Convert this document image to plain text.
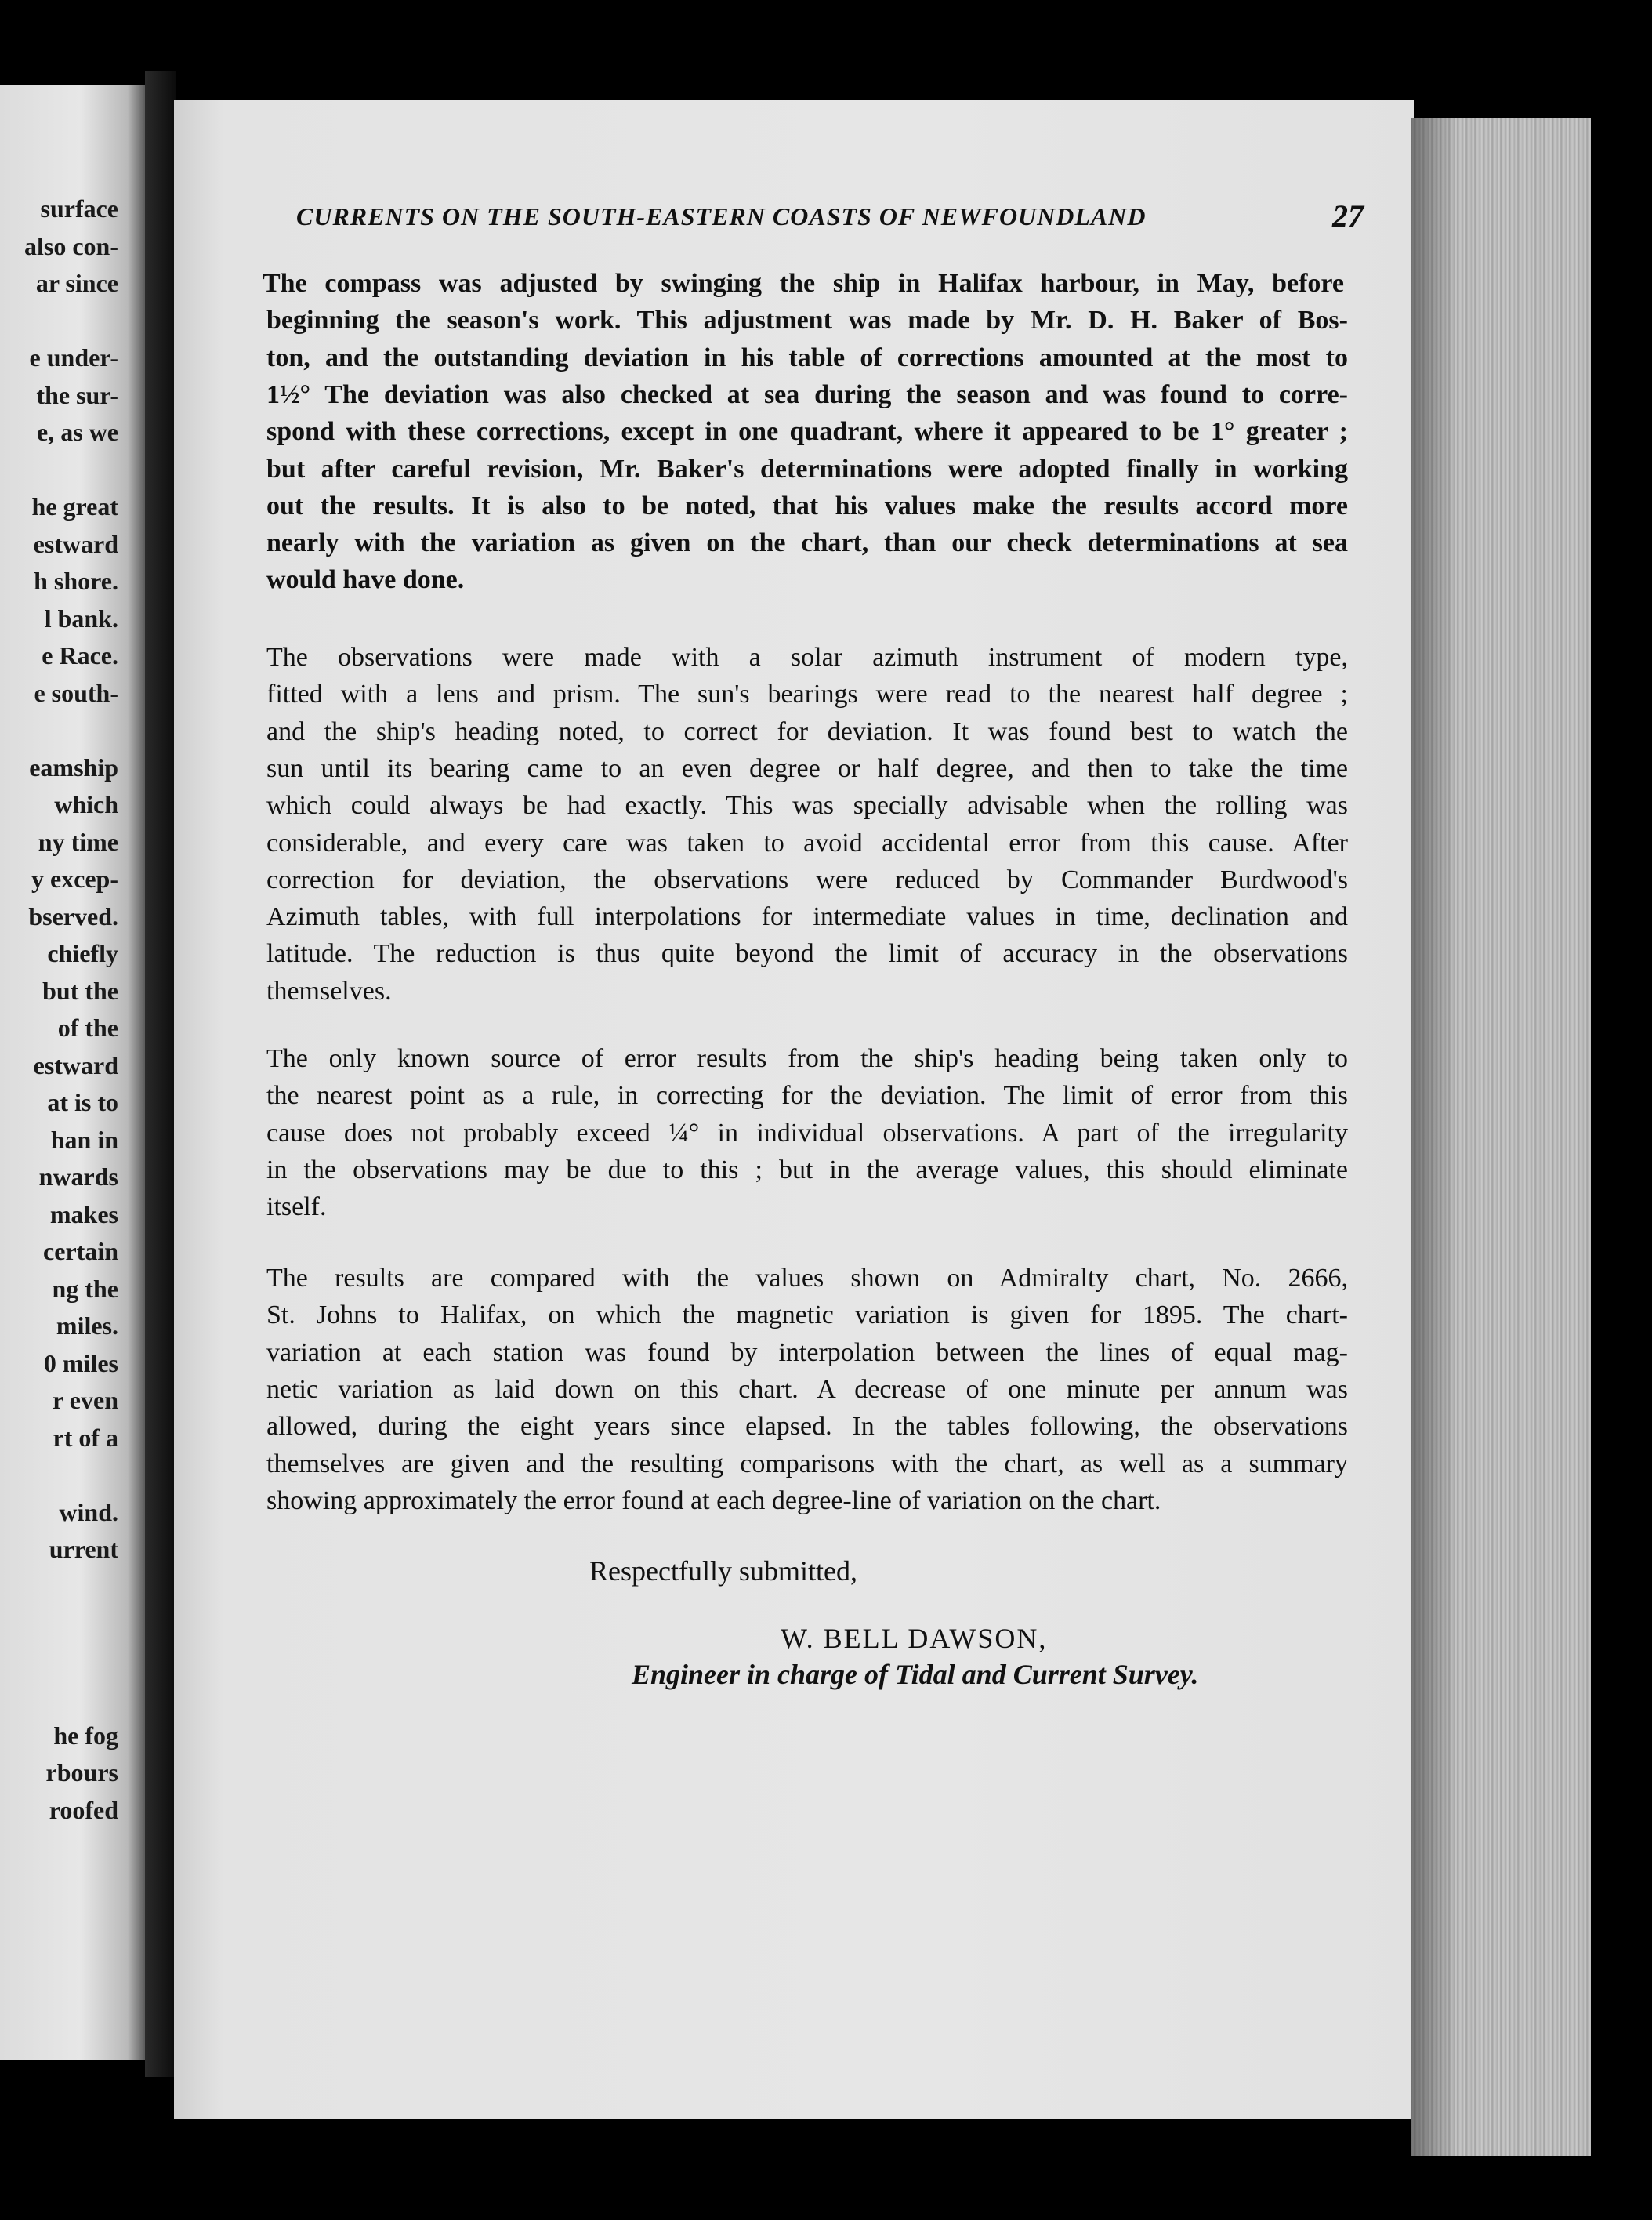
surface
also con-
ar since
e under-
the sur-
e, as we
he great
estward
h shore.
l bank.
e Race.
e south-
eamship
which
ny time
y excep-
bserved.
chiefly
but the
of the
estward
at is to
han in
nwards
makes
certain
ng the
miles.
0 miles
r even
rt of a
wind.
urrent
he fog
rbours
roofed
CURRENTS ON THE SOUTH-EASTERN COASTS OF NEWFOUNDLAND	27
The compass was adjusted by swinging the ship in Halifax harbour, in May, before
beginning the season's work. This adjustment was made by Mr. D. H. Baker of Bos-
ton, and the outstanding deviation in his table of corrections amounted at the most to
1½° The deviation was also checked at sea during the season and was found to corre-
spond with these corrections, except in one quadrant, where it appeared to be 1° greater ;
but after careful revision, Mr. Baker's determinations were adopted finally in working
out the results. It is also to be noted, that his values make the results accord more
nearly with the variation as given on the chart, than our check determinations at sea
would have done.
The observations were made with a solar azimuth instrument of modern type,
fitted with a lens and prism. The sun's bearings were read to the nearest half degree ;
and the ship's heading noted, to correct for deviation. It was found best to watch the
sun until its bearing came to an even degree or half degree, and then to take the time
which could always be had exactly. This was specially advisable when the rolling was
considerable, and every care was taken to avoid accidental error from this cause. After
correction for deviation, the observations were reduced by Commander Burdwood's
Azimuth tables, with full interpolations for intermediate values in time, declination and
latitude. The reduction is thus quite beyond the limit of accuracy in the observations
themselves.
The only known source of error results from the ship's heading being taken only to
the nearest point as a rule, in correcting for the deviation. The limit of error from this
cause does not probably exceed ¼° in individual observations. A part of the irregularity
in the observations may be due to this ; but in the average values, this should eliminate
itself.
The results are compared with the values shown on Admiralty chart, No. 2666,
St. Johns to Halifax, on which the magnetic variation is given for 1895. The chart-
variation at each station was found by interpolation between the lines of equal mag-
netic variation as laid down on this chart. A decrease of one minute per annum was
allowed, during the eight years since elapsed. In the tables following, the observations
themselves are given and the resulting comparisons with the chart, as well as a summary
showing approximately the error found at each degree-line of variation on the chart.
Respectfully submitted,
W. BELL DAWSON,
Engineer in charge of Tidal and Current Survey.
